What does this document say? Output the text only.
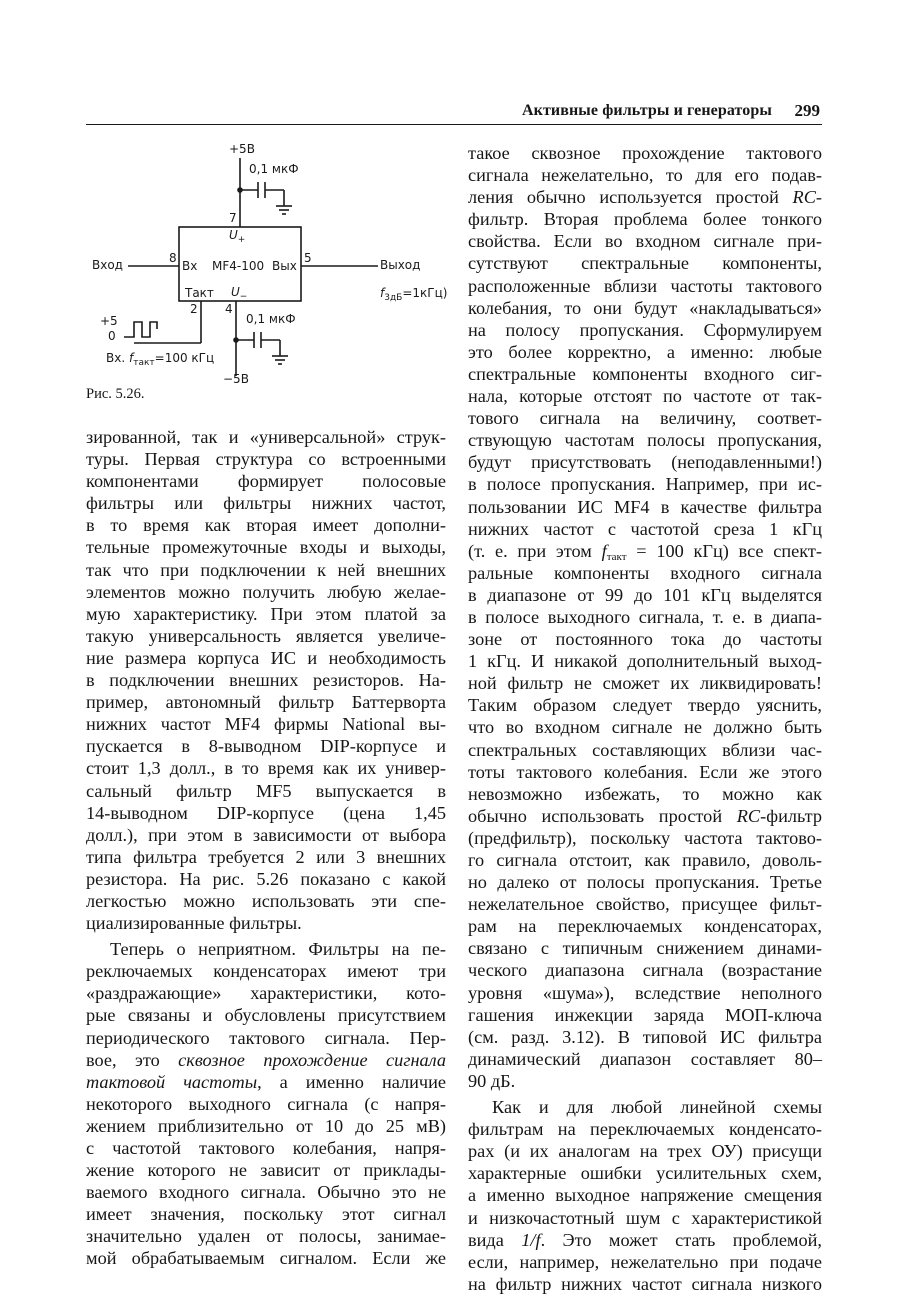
Активные фильтры и генераторы 299
+5В
0,1 мкФ
7
$U_+$
Вход	8
Вх MF4-100 Вых
5	Выход
$f_{3дБ}=1кГц$)
Такт $U_-$
2 4
0,1 мкФ
+5
0
Вх. $f_{такт}=100$ кГц
−5В
Рис. 5.26.
зированной, так и «универсальной» струк-
туры. Первая структура со встроенными
компонентами формирует полосовые
фильтры или фильтры нижних частот,
в то время как вторая имеет дополни-
тельные промежуточные входы и выходы,
так что при подключении к ней внешних
элементов можно получить любую желае-
мую характеристику. При этом платой за
такую универсальность является увеличе-
ние размера корпуса ИС и необходимость
в подключении внешних резисторов. На-
пример, автономный фильтр Баттерворта
нижних частот MF4 фирмы National вы-
пускается в 8-выводном DIP-корпусе и
стоит 1,3 долл., в то время как их универ-
сальный фильтр MF5 выпускается в
14-выводном DIP-корпусе (цена 1,45
долл.), при этом в зависимости от выбора
типа фильтра требуется 2 или 3 внешних
резистора. На рис. 5.26 показано с какой
легкостью можно использовать эти спе-
циализированные фильтры.
Теперь о неприятном. Фильтры на пе-
реключаемых конденсаторах имеют три
«раздражающие» характеристики, кото-
рые связаны и обусловлены присутствием
периодического тактового сигнала. Пер-
вое, это сквозное прохождение сигнала
тактовой частоты, а именно наличие
некоторого выходного сигнала (с напря-
жением приблизительно от 10 до 25 мВ)
с частотой тактового колебания, напря-
жение которого не зависит от приклады-
ваемого входного сигнала. Обычно это не
имеет значения, поскольку этот сигнал
значительно удален от полосы, занимае-
мой обрабатываемым сигналом. Если же
такое сквозное прохождение тактового
сигнала нежелательно, то для его подав-
ления обычно используется простой RC-
фильтр. Вторая проблема более тонкого
свойства. Если во входном сигнале при-
сутствуют спектральные компоненты,
расположенные вблизи частоты тактового
колебания, то они будут «накладываться»
на полосу пропускания. Сформулируем
это более корректно, а именно: любые
спектральные компоненты входного сиг-
нала, которые отстоят по частоте от так-
тового сигнала на величину, соответ-
ствующую частотам полосы пропускания,
будут присутствовать (неподавленными!)
в полосе пропускания. Например, при ис-
пользовании ИС MF4 в качестве фильтра
нижних частот с частотой среза 1 кГц
(т. е. при этом $f_{такт} = 100$ кГц) все спект-
ральные компоненты входного сигнала
в диапазоне от 99 до 101 кГц выделятся
в полосе выходного сигнала, т. е. в диапа-
зоне от постоянного тока до частоты
1 кГц. И никакой дополнительный выход-
ной фильтр не сможет их ликвидировать!
Таким образом следует твердо уяснить,
что во входном сигнале не должно быть
спектральных составляющих вблизи час-
тоты тактового колебания. Если же этого
невозможно избежать, то можно как
обычно использовать простой RC-фильтр
(предфильтр), поскольку частота тактово-
го сигнала отстоит, как правило, доволь-
но далеко от полосы пропускания. Третье
нежелательное свойство, присущее фильт-
рам на переключаемых конденсаторах,
связано с типичным снижением динами-
ческого диапазона сигнала (возрастание
уровня «шума»), вследствие неполного
гашения инжекции заряда МОП-ключа
(см. разд. 3.12). В типовой ИС фильтра
динамический диапазон составляет 80–
90 дБ.
Как и для любой линейной схемы
фильтрам на переключаемых конденсато-
рах (и их аналогам на трех ОУ) присущи
характерные ошибки усилительных схем,
а именно выходное напряжение смещения
и низкочастотный шум с характеристикой
вида 1/f. Это может стать проблемой,
если, например, нежелательно при подаче
на фильтр нижних частот сигнала низкого
